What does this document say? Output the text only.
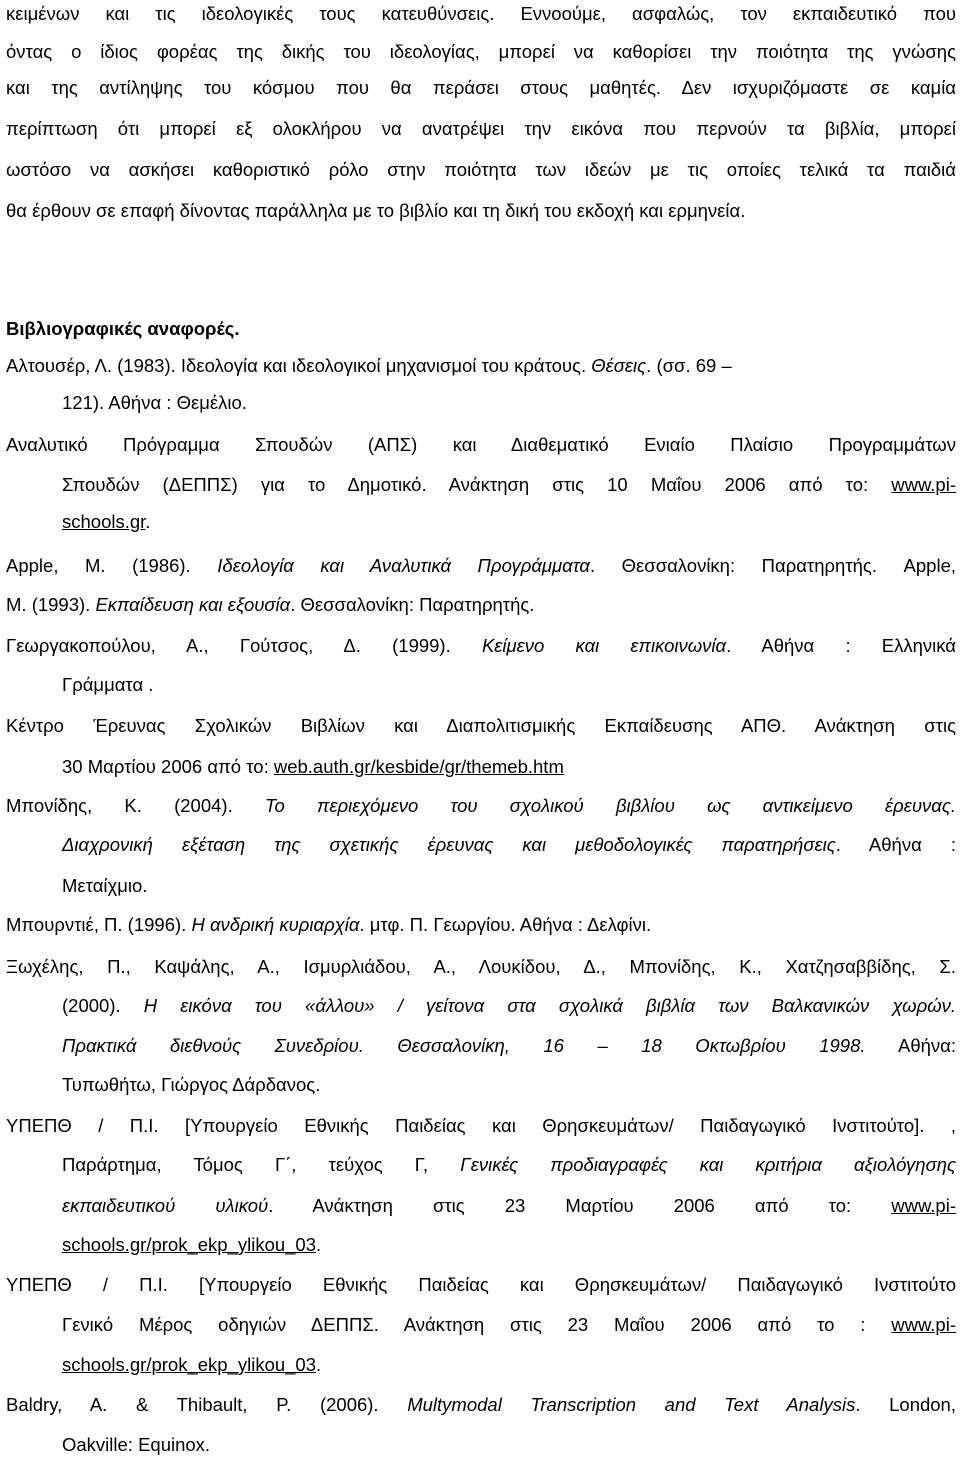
κειμένων και τις ιδεολογικές τους κατευθύνσεις. Εννοούμε, ασφαλώς, τον εκπαιδευτικό που
όντας ο ίδιος φορέας της δικής του ιδεολογίας, μπορεί να καθορίσει την ποιότητα της γνώσης
και της αντίληψης του κόσμου που θα περάσει στους μαθητές. Δεν ισχυριζόμαστε σε καμία
περίπτωση ότι μπορεί εξ ολοκλήρου να ανατρέψει την εικόνα που περνούν τα βιβλία, μπορεί
ωστόσο να ασκήσει καθοριστικό ρόλο στην ποιότητα των ιδεών με τις οποίες τελικά τα παιδιά
θα έρθουν σε επαφή δίνοντας παράλληλα με το βιβλίο και τη δική του εκδοχή και ερμηνεία.
Βιβλιογραφικές αναφορές.
Αλτουσέρ, Λ. (1983). Ιδεολογία και ιδεολογικοί μηχανισμοί του κράτους. Θέσεις. (σσ. 69 –
121). Αθήνα : Θεμέλιο.
Αναλυτικό Πρόγραμμα Σπουδών (ΑΠΣ) και Διαθεματικό Ενιαίο Πλαίσιο Προγραμμάτων
Σπουδών (ΔΕΠΠΣ) για το Δημοτικό. Ανάκτηση στις 10 Μαΐου 2006 από το: www.pi-
schools.gr.
Apple, M. (1986). Ιδεολογία και Αναλυτικά Προγράμματα. Θεσσαλονίκη: Παρατηρητής. Apple,
M. (1993). Εκπαίδευση και εξουσία. Θεσσαλονίκη: Παρατηρητής.
Γεωργακοπούλου, Α., Γούτσος, Δ. (1999). Κείμενο και επικοινωνία. Αθήνα : Ελληνικά
Γράμματα .
Κέντρο Έρευνας Σχολικών Βιβλίων και Διαπολιτισμικής Εκπαίδευσης ΑΠΘ. Ανάκτηση στις
30 Μαρτίου 2006 από το: web.auth.gr/kesbide/gr/themeb.htm
Μπονίδης, Κ. (2004). Το περιεχόμενο του σχολικού βιβλίου ως αντικείμενο έρευνας.
Διαχρονική εξέταση της σχετικής έρευνας και μεθοδολογικές παρατηρήσεις. Αθήνα :
Μεταίχμιο.
Μπουρντιέ, Π. (1996). Η ανδρική κυριαρχία. μτφ. Π. Γεωργίου. Αθήνα : Δελφίνι.
Ξωχέλης, Π., Καψάλης, Α., Ισμυρλιάδου, Α., Λουκίδου, Δ., Μπονίδης, Κ., Χατζησαββίδης, Σ.
(2000). Η εικόνα του «άλλου» / γείτονα στα σχολικά βιβλία των Βαλκανικών χωρών.
Πρακτικά διεθνούς Συνεδρίου. Θεσσαλονίκη, 16 – 18 Οκτωβρίου 1998. Αθήνα:
Τυπωθήτω, Γιώργος Δάρδανος.
ΥΠΕΠΘ / Π.Ι. [Υπουργείο Εθνικής Παιδείας και Θρησκευμάτων/ Παιδαγωγικό Ινστιτούτο]. ,
Παράρτημα, Τόμος Γ΄, τεύχος Γ, Γενικές προδιαγραφές και κριτήρια αξιολόγησης
εκπαιδευτικού υλικού. Ανάκτηση στις 23 Μαρτίου 2006 από το: www.pi-
schools.gr/prok_ekp_ylikou_03.
ΥΠΕΠΘ / Π.Ι. [Υπουργείο Εθνικής Παιδείας και Θρησκευμάτων/ Παιδαγωγικό Ινστιτούτο
Γενικό Μέρος οδηγιών ΔΕΠΠΣ. Ανάκτηση στις 23 Μαΐου 2006 από το : www.pi-
schools.gr/prok_ekp_ylikou_03.
Baldry, A. & Thibault, P. (2006). Multymodal Transcription and Text Analysis. London,
Oakville: Equinox.
